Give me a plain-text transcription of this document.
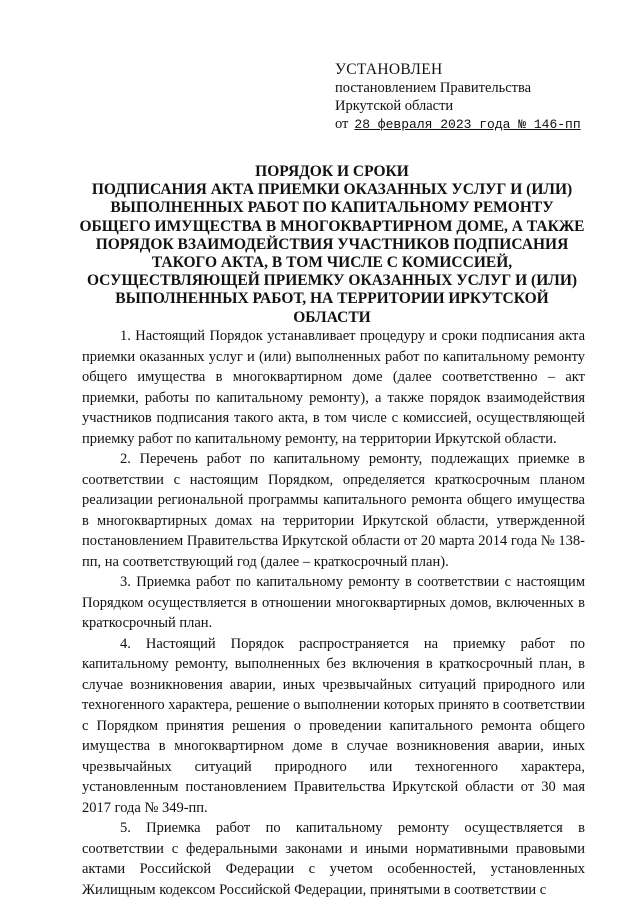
УСТАНОВЛЕН
постановлением Правительства
Иркутской области
от 28 февраля 2023 года № 146-пп
ПОРЯДОК И СРОКИ
ПОДПИСАНИЯ АКТА ПРИЕМКИ ОКАЗАННЫХ УСЛУГ И (ИЛИ)
ВЫПОЛНЕННЫХ РАБОТ ПО КАПИТАЛЬНОМУ РЕМОНТУ
ОБЩЕГО ИМУЩЕСТВА В МНОГОКВАРТИРНОМ ДОМЕ, А ТАКЖЕ
ПОРЯДОК ВЗАИМОДЕЙСТВИЯ УЧАСТНИКОВ ПОДПИСАНИЯ
ТАКОГО АКТА, В ТОМ ЧИСЛЕ С КОМИССИЕЙ,
ОСУЩЕСТВЛЯЮЩЕЙ ПРИЕМКУ ОКАЗАННЫХ УСЛУГ И (ИЛИ)
ВЫПОЛНЕННЫХ РАБОТ, НА ТЕРРИТОРИИ ИРКУТСКОЙ
ОБЛАСТИ

1. Настоящий Порядок устанавливает процедуру и сроки подписания акта приемки оказанных услуг и (или) выполненных работ по капитальному ремонту общего имущества в многоквартирном доме (далее соответственно – акт приемки, работы по капитальному ремонту), а также порядок взаимодействия участников подписания такого акта, в том числе с комиссией, осуществляющей приемку работ по капитальному ремонту, на территории Иркутской области.

2. Перечень работ по капитальному ремонту, подлежащих приемке в соответствии с настоящим Порядком, определяется краткосрочным планом реализации региональной программы капитального ремонта общего имущества в многоквартирных домах на территории Иркутской области, утвержденной постановлением Правительства Иркутской области от 20 марта 2014 года № 138-пп, на соответствующий год (далее – краткосрочный план).

3. Приемка работ по капитальному ремонту в соответствии с настоящим Порядком осуществляется в отношении многоквартирных домов, включенных в краткосрочный план.

4. Настоящий Порядок распространяется на приемку работ по капитальному ремонту, выполненных без включения в краткосрочный план, в случае возникновения аварии, иных чрезвычайных ситуаций природного или техногенного характера, решение о выполнении которых принято в соответствии с Порядком принятия решения о проведении капитального ремонта общего имущества в многоквартирном доме в случае возникновения аварии, иных чрезвычайных ситуаций природного или техногенного характера, установленным постановлением Правительства Иркутской области от 30 мая 2017 года № 349-пп.

5. Приемка работ по капитальному ремонту осуществляется в соответствии с федеральными законами и иными нормативными правовыми актами Российской Федерации с учетом особенностей, установленных Жилищным кодексом Российской Федерации, принятыми в соответствии с
